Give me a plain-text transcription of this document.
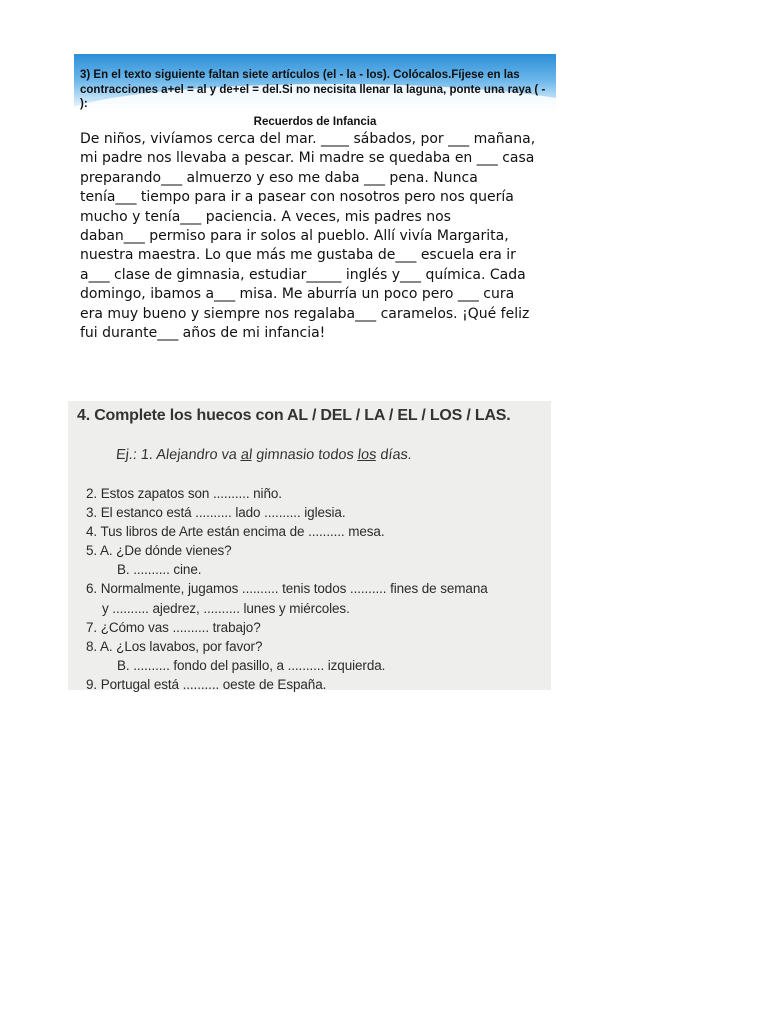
3) En el texto siguiente faltan siete artículos (el - la - los). Colócalos.Fíjese en las contracciones a+el = al y de+el = del.Si no necisita llenar la laguna, ponte una raya ( - ):

Recuerdos de Infancia

De niños, vivíamos cerca del mar. ____ sábados, por ___ mañana,
mi padre nos llevaba a pescar. Mi madre se quedaba en ___ casa
preparando___ almuerzo y eso me daba ___ pena. Nunca
tenía___ tiempo para ir a pasear con nosotros pero nos quería
mucho y tenía___ paciencia. A veces, mis padres nos
daban___ permiso para ir solos al pueblo. Allí vivía Margarita,
nuestra maestra. Lo que más me gustaba de___ escuela era ir
a___ clase de gimnasia, estudiar_____ inglés y___ química. Cada
domingo, ibamos a___ misa. Me aburría un poco pero ___ cura
era muy bueno y siempre nos regalaba___ caramelos. ¡Qué feliz
fui durante___ años de mi infancia!

4. Complete los huecos con AL / DEL / LA / EL / LOS / LAS.

Ej.: 1. Alejandro va al gimnasio todos los días.

2. Estos zapatos son .......... niño.
3. El estanco está .......... lado .......... iglesia.
4. Tus libros de Arte están encima de .......... mesa.
5. A. ¿De dónde vienes?
B. .......... cine.
6. Normalmente, jugamos .......... tenis todos .......... fines de semana
y .......... ajedrez, .......... lunes y miércoles.
7. ¿Cómo vas .......... trabajo?
8. A. ¿Los lavabos, por favor?
B. .......... fondo del pasillo, a .......... izquierda.
9. Portugal está .......... oeste de España.
